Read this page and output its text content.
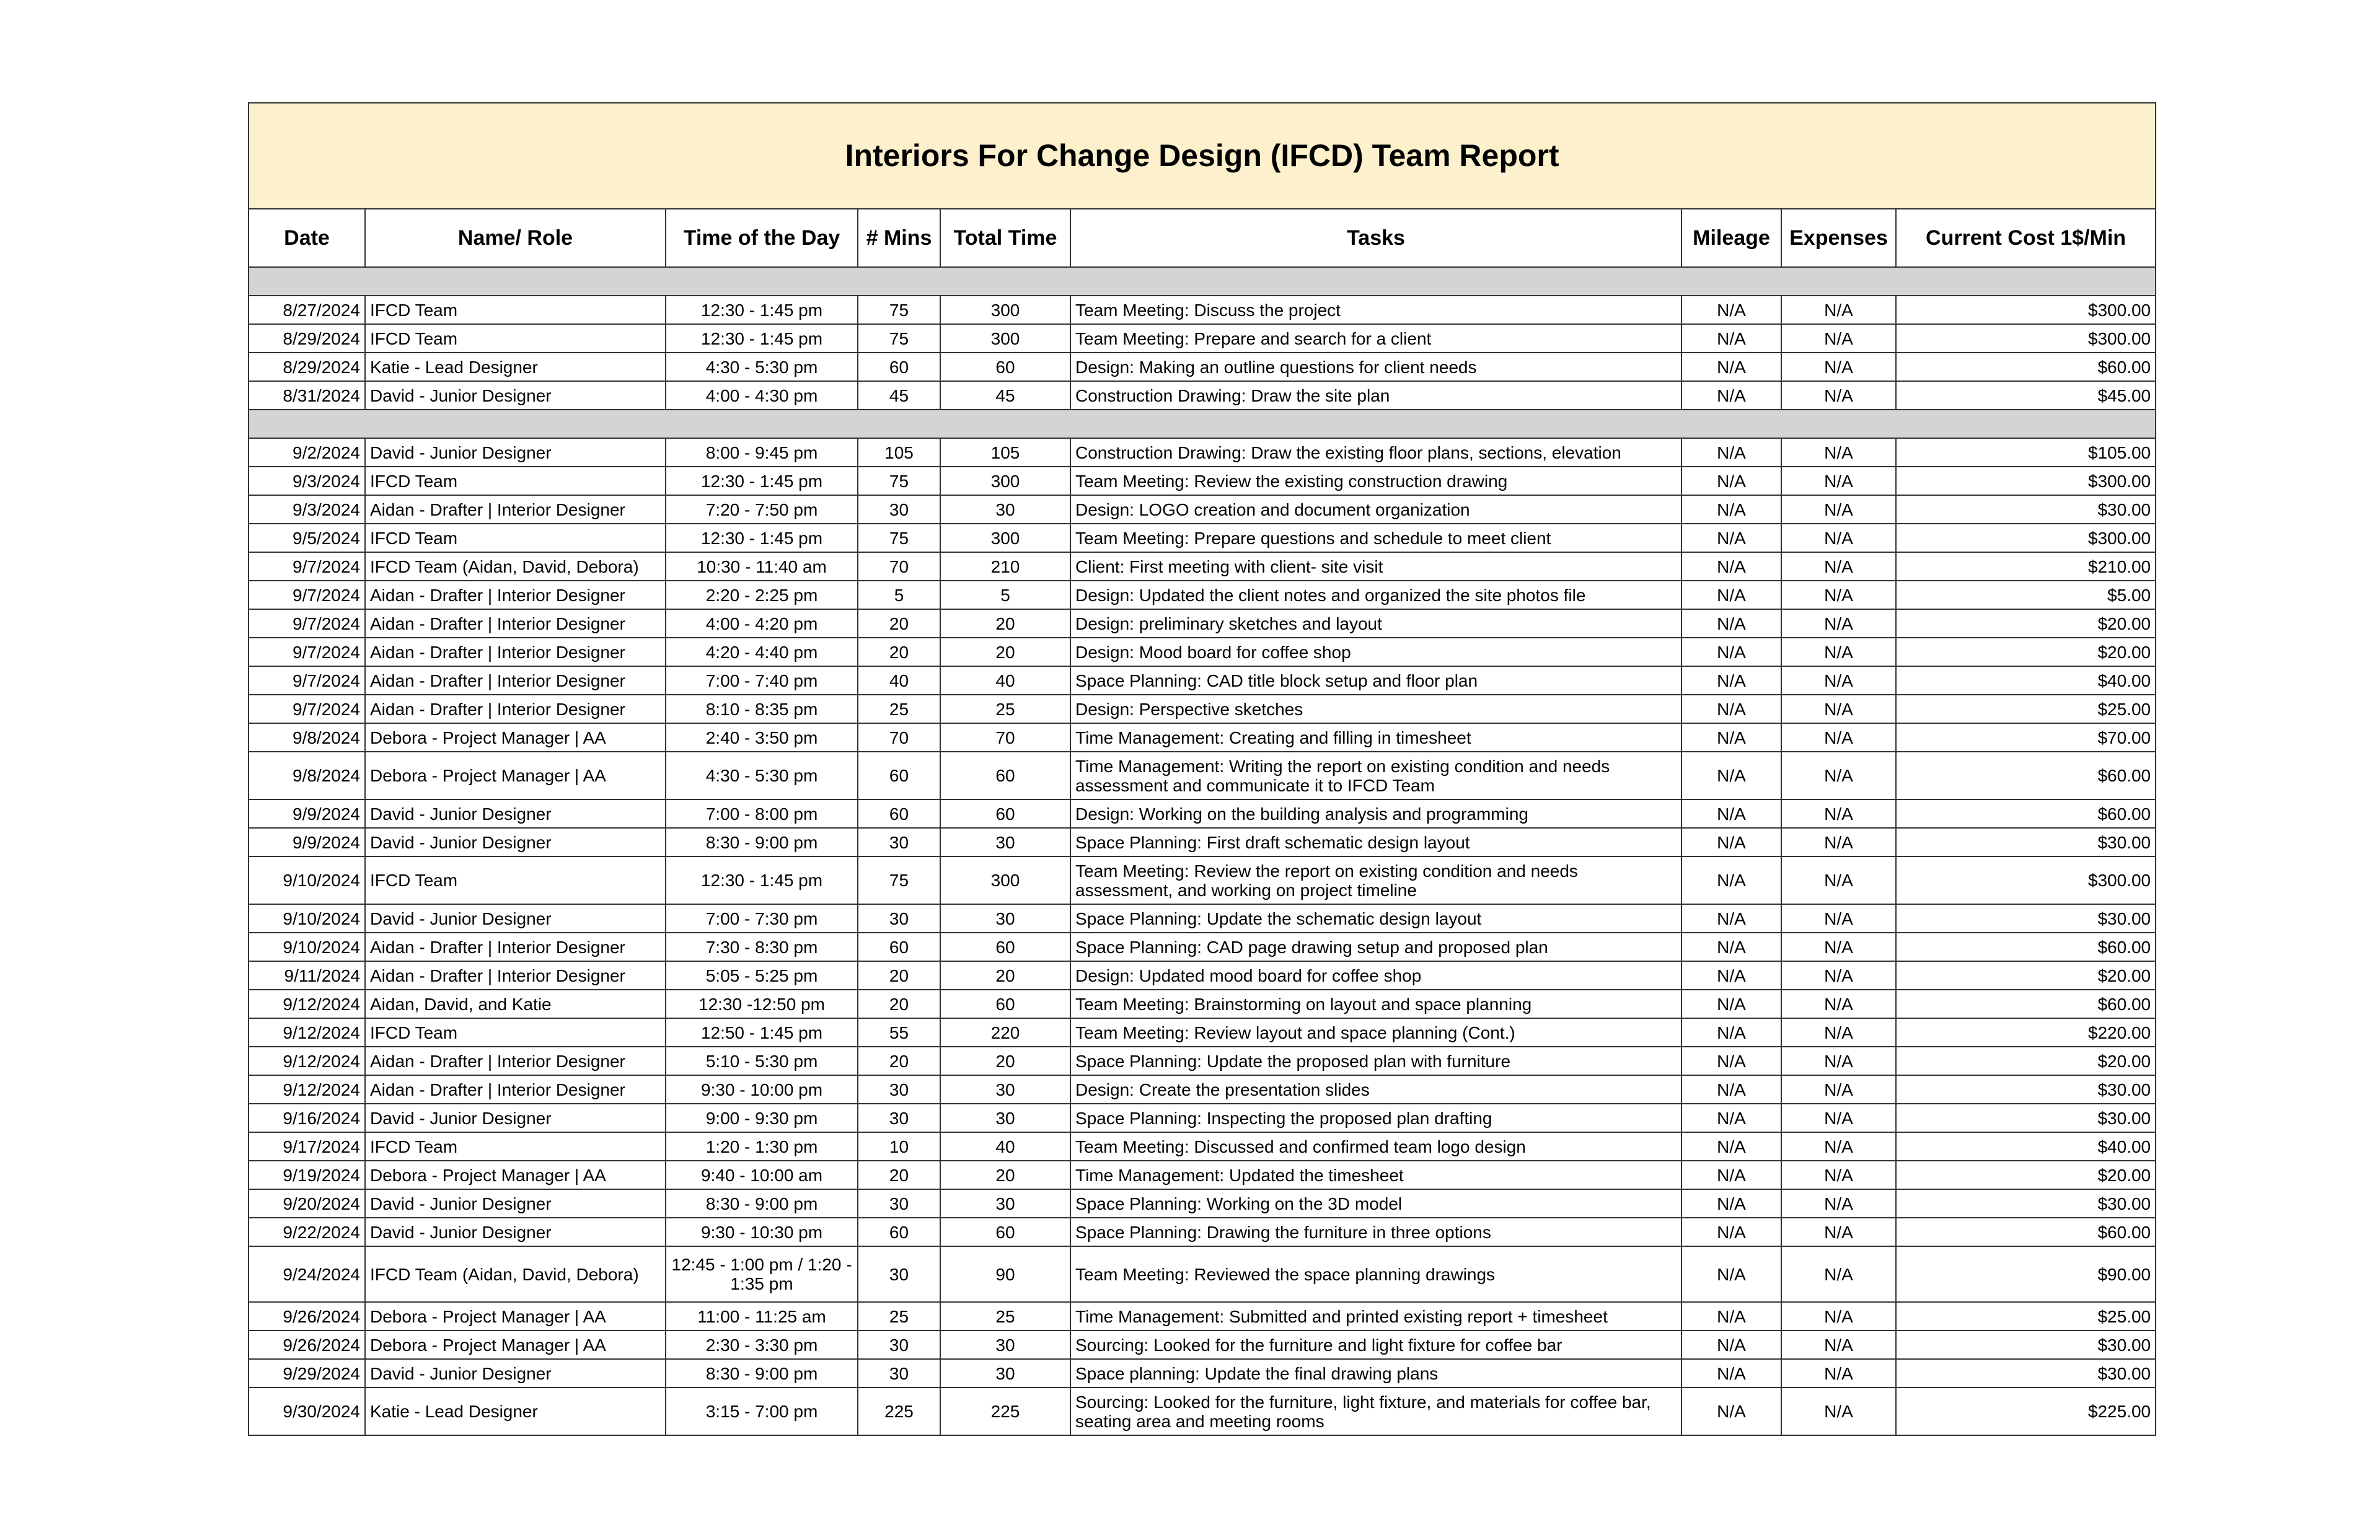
Interiors For Change Design (IFCD) Team Report								
Date	Name/ Role	Time of the Day	# Mins	Total Time	Tasks	Mileage	Expenses	Current Cost 1$/Min

8/27/2024	IFCD Team	12:30 - 1:45 pm	75	300	Team Meeting: Discuss the project	N/A	N/A	$300.00
8/29/2024	IFCD Team	12:30 - 1:45 pm	75	300	Team Meeting: Prepare and search for a client	N/A	N/A	$300.00
8/29/2024	Katie - Lead Designer	4:30 - 5:30 pm	60	60	Design: Making an outline questions for client needs	N/A	N/A	$60.00
8/31/2024	David - Junior Designer	4:00 - 4:30 pm	45	45	Construction Drawing: Draw the site plan	N/A	N/A	$45.00

9/2/2024	David - Junior Designer	8:00 - 9:45 pm	105	105	Construction Drawing: Draw the existing floor plans, sections, elevation	N/A	N/A	$105.00
9/3/2024	IFCD Team	12:30 - 1:45 pm	75	300	Team Meeting: Review the existing construction drawing	N/A	N/A	$300.00
9/3/2024	Aidan - Drafter | Interior Designer	7:20 - 7:50 pm	30	30	Design: LOGO creation and document organization	N/A	N/A	$30.00
9/5/2024	IFCD Team	12:30 - 1:45 pm	75	300	Team Meeting: Prepare questions and schedule to meet client	N/A	N/A	$300.00
9/7/2024	IFCD Team (Aidan, David, Debora)	10:30 - 11:40 am	70	210	Client: First meeting with client- site visit	N/A	N/A	$210.00
9/7/2024	Aidan - Drafter | Interior Designer	2:20 - 2:25 pm	5	5	Design: Updated the client notes and organized the site photos file	N/A	N/A	$5.00
9/7/2024	Aidan - Drafter | Interior Designer	4:00 - 4:20 pm	20	20	Design: preliminary sketches and layout	N/A	N/A	$20.00
9/7/2024	Aidan - Drafter | Interior Designer	4:20 - 4:40 pm	20	20	Design: Mood board for coffee shop	N/A	N/A	$20.00
9/7/2024	Aidan - Drafter | Interior Designer	7:00 - 7:40 pm	40	40	Space Planning: CAD title block setup and floor plan	N/A	N/A	$40.00
9/7/2024	Aidan - Drafter | Interior Designer	8:10 - 8:35 pm	25	25	Design: Perspective sketches	N/A	N/A	$25.00
9/8/2024	Debora - Project Manager | AA	2:40 - 3:50 pm	70	70	Time Management: Creating and filling in timesheet	N/A	N/A	$70.00
9/8/2024	Debora - Project Manager | AA	4:30 - 5:30 pm	60	60	Time Management: Writing the report on existing condition and needs assessment and communicate it to IFCD Team	N/A	N/A	$60.00
9/9/2024	David - Junior Designer	7:00 - 8:00 pm	60	60	Design: Working on the building analysis and programming	N/A	N/A	$60.00
9/9/2024	David - Junior Designer	8:30 - 9:00 pm	30	30	Space Planning: First draft schematic design layout	N/A	N/A	$30.00
9/10/2024	IFCD Team	12:30 - 1:45 pm	75	300	Team Meeting: Review the report on existing condition and needs assessment, and working on project timeline	N/A	N/A	$300.00
9/10/2024	David - Junior Designer	7:00 - 7:30 pm	30	30	Space Planning: Update the schematic design layout	N/A	N/A	$30.00
9/10/2024	Aidan - Drafter | Interior Designer	7:30 - 8:30 pm	60	60	Space Planning: CAD page drawing setup and proposed plan	N/A	N/A	$60.00
9/11/2024	Aidan - Drafter | Interior Designer	5:05 - 5:25 pm	20	20	Design: Updated mood board for coffee shop	N/A	N/A	$20.00
9/12/2024	Aidan, David, and Katie	12:30 -12:50 pm	20	60	Team Meeting: Brainstorming on layout and space planning	N/A	N/A	$60.00
9/12/2024	IFCD Team	12:50 - 1:45 pm	55	220	Team Meeting: Review layout and space planning (Cont.)	N/A	N/A	$220.00
9/12/2024	Aidan - Drafter | Interior Designer	5:10 - 5:30 pm	20	20	Space Planning: Update the proposed plan with furniture	N/A	N/A	$20.00
9/12/2024	Aidan - Drafter | Interior Designer	9:30 - 10:00 pm	30	30	Design: Create the presentation slides	N/A	N/A	$30.00
9/16/2024	David - Junior Designer	9:00 - 9:30 pm	30	30	Space Planning: Inspecting the proposed plan drafting	N/A	N/A	$30.00
9/17/2024	IFCD Team	1:20 - 1:30 pm	10	40	Team Meeting: Discussed and confirmed team logo design	N/A	N/A	$40.00
9/19/2024	Debora - Project Manager | AA	9:40 - 10:00 am	20	20	Time Management: Updated the timesheet	N/A	N/A	$20.00
9/20/2024	David - Junior Designer	8:30 - 9:00 pm	30	30	Space Planning: Working on the 3D model	N/A	N/A	$30.00
9/22/2024	David - Junior Designer	9:30 - 10:30 pm	60	60	Space Planning: Drawing the furniture in three options	N/A	N/A	$60.00
9/24/2024	IFCD Team (Aidan, David, Debora)	12:45 - 1:00 pm / 1:20 - 1:35 pm	30	90	Team Meeting: Reviewed the space planning drawings	N/A	N/A	$90.00
9/26/2024	Debora - Project Manager | AA	11:00 - 11:25 am	25	25	Time Management: Submitted and printed existing report + timesheet	N/A	N/A	$25.00
9/26/2024	Debora - Project Manager | AA	2:30 - 3:30 pm	30	30	Sourcing: Looked for the furniture and light fixture for coffee bar	N/A	N/A	$30.00
9/29/2024	David - Junior Designer	8:30 - 9:00 pm	30	30	Space planning: Update the final drawing plans	N/A	N/A	$30.00
9/30/2024	Katie - Lead Designer	3:15 - 7:00 pm	225	225	Sourcing: Looked for the furniture, light fixture, and materials for coffee bar, seating area and meeting rooms	N/A	N/A	$225.00
